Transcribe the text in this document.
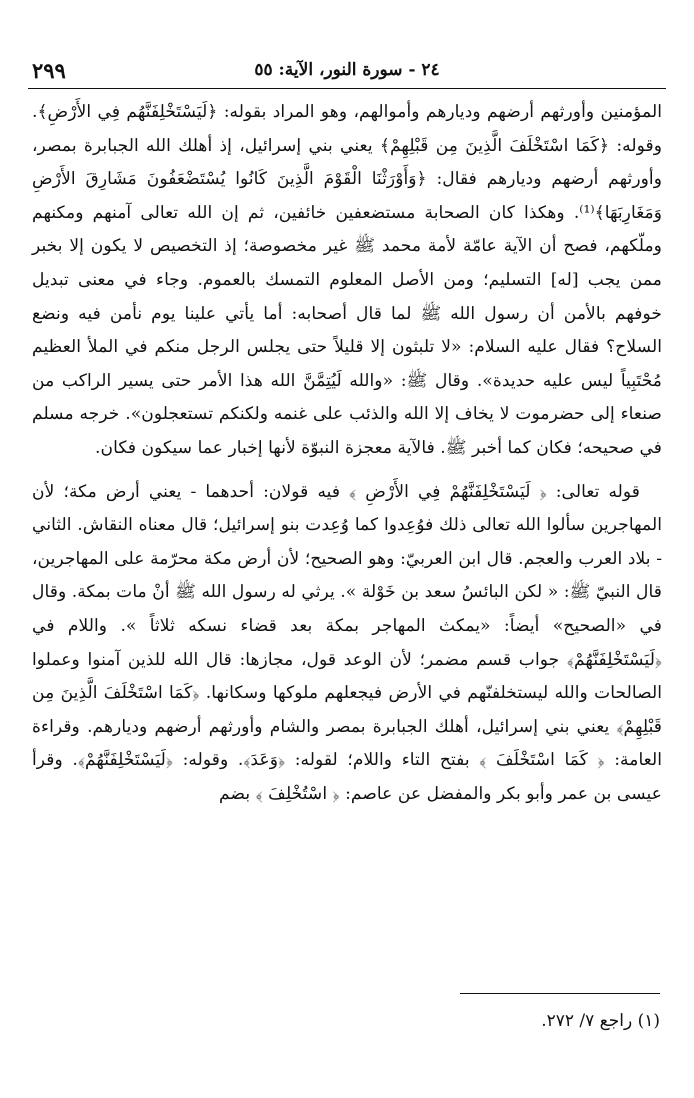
٢٤ - سورة النور، الآية: ٥٥
٢٩٩

المؤمنين وأورثهم أرضهم وديارهم وأموالهم، وهو المراد بقوله: ﴿لَيَسْتَخْلِفَنَّهُم فِي الأَرْضِ﴾. وقوله: ﴿كَمَا اسْتَخْلَفَ الَّذِينَ مِن قَبْلِهِمْ﴾ يعني بني إسرائيل، إذ أهلك الله الجبابرة بمصر، وأورثهم أرضهم وديارهم فقال: ﴿وَأَوْرَثْنَا الْقَوْمَ الَّذِينَ كَانُوا يُسْتَضْعَفُونَ مَشَارِقَ الأَرْضِ وَمَغَارِبَهَا﴾⁽¹⁾. وهكذا كان الصحابة مستضعفين خائفين، ثم إن الله تعالى آمنهم ومكنهم وملّكهم، فصح أن الآية عامّة لأمة محمد ﷺ غير مخصوصة؛ إذ التخصيص لا يكون إلا بخبر ممن يجب [له] التسليم؛ ومن الأصل المعلوم التمسك بالعموم. وجاء في معنى تبديل خوفهم بالأمن أن رسول الله ﷺ لما قال أصحابه: أما يأتي علينا يوم نأمن فيه ونضع السلاح؟ فقال عليه السلام: «لا تلبثون إلا قليلاً حتى يجلس الرجل منكم في الملأ العظيم مُحْتَبِياً ليس عليه حديدة». وقال ﷺ: «والله لَيُتِمَّنَّ الله هذا الأمر حتى يسير الراكب من صنعاء إلى حضرموت لا يخاف إلا الله والذئب على غنمه ولكنكم تستعجلون». خرجه مسلم في صحيحه؛ فكان كما أخبر ﷺ. فالآية معجزة النبوّة لأنها إخبار عما سيكون فكان.

قوله تعالى: ﴿ لَيَسْتَخْلِفَنَّهُمْ فِي الأَرْضِ ﴾ فيه قولان: أحدهما - يعني أرض مكة؛ لأن المهاجرين سألوا الله تعالى ذلك فوُعِدوا كما وُعِدت بنو إسرائيل؛ قال معناه النقاش. الثاني - بلاد العرب والعجم. قال ابن العربيّ: وهو الصحيح؛ لأن أرض مكة محرّمة على المهاجرين، قال النبيّ ﷺ: « لكن البائسُ سعد بن خَوْلة ». يرثي له رسول الله ﷺ أنْ مات بمكة. وقال في «الصحيح» أيضاً: «يمكث المهاجر بمكة بعد قضاء نسكه ثلاثاً ». واللام في ﴿لَيَسْتَخْلِفَنَّهُمْ﴾ جواب قسم مضمر؛ لأن الوعد قول، مجازها: قال الله للذين آمنوا وعملوا الصالحات والله ليستخلفنّهم في الأرض فيجعلهم ملوكها وسكانها. ﴿كَمَا اسْتَخْلَفَ الَّذِينَ مِن قَبْلِهِمْ﴾ يعني بني إسرائيل، أهلك الجبابرة بمصر والشام وأورثهم أرضهم وديارهم. وقراءة العامة: ﴿ كَمَا اسْتَخْلَفَ ﴾ بفتح التاء واللام؛ لقوله: ﴿وَعَدَ﴾. وقوله: ﴿لَيَسْتَخْلِفَنَّهُمْ﴾. وقرأ عيسى بن عمر وأبو بكر والمفضل عن عاصم: ﴿ اسْتُخْلِفَ ﴾ بضم

(١) راجع ٧/ ٢٧٢.
